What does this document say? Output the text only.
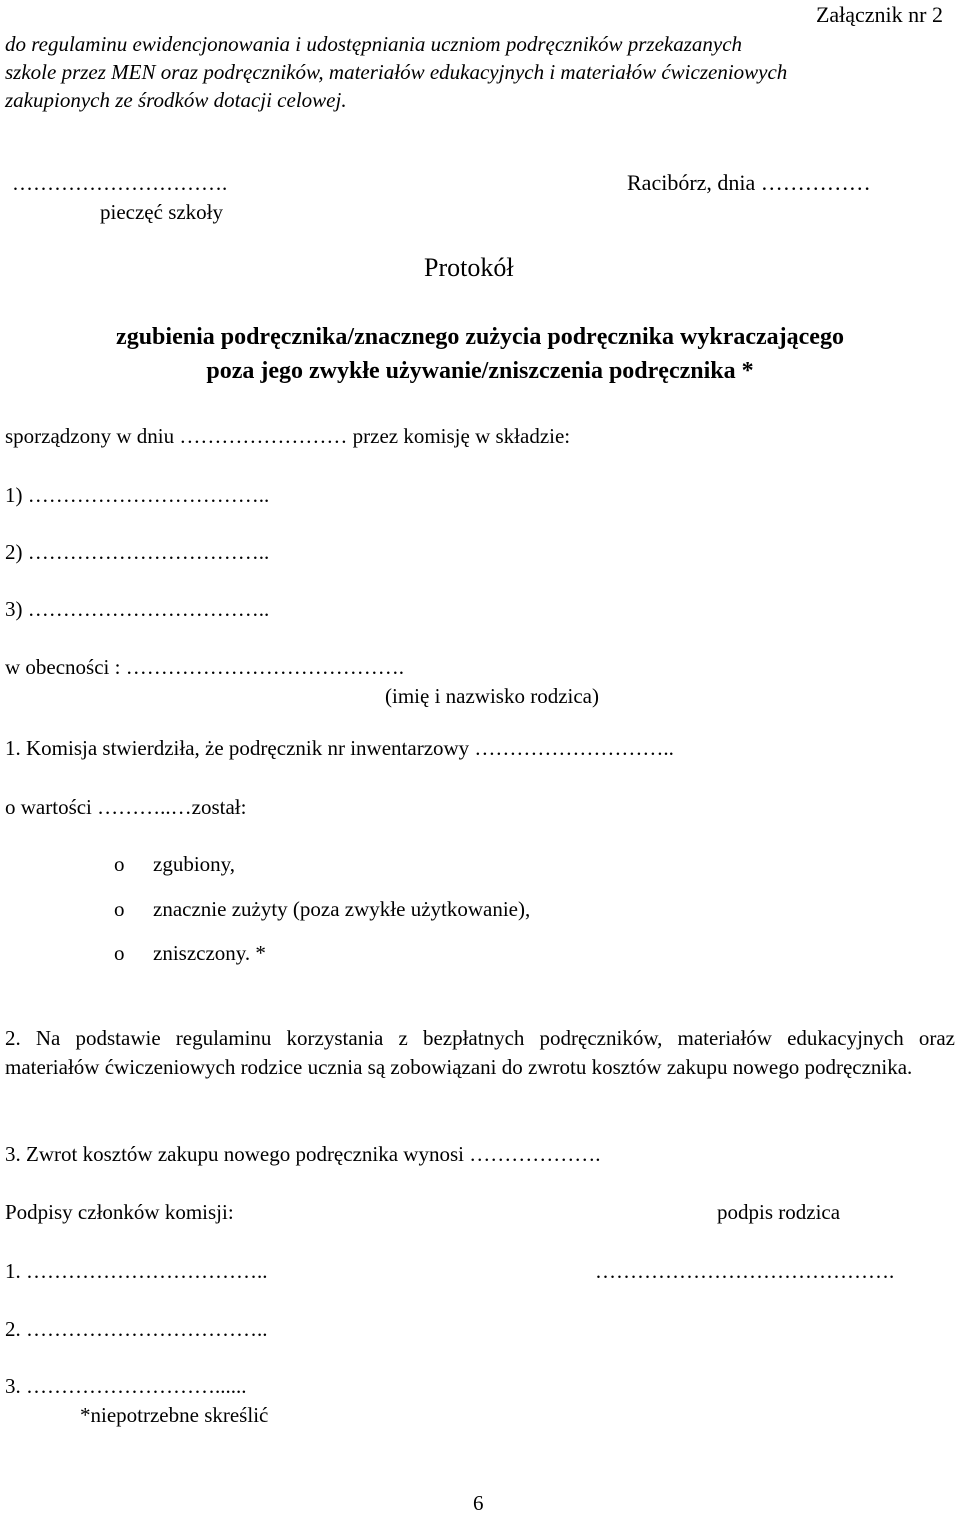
Załącznik nr 2
do regulaminu ewidencjonowania i udostępniania uczniom podręczników przekazanych
szkole przez MEN oraz podręczników, materiałów edukacyjnych i materiałów ćwiczeniowych
zakupionych ze środków dotacji celowej.
………………………….
pieczęć szkoły
Racibórz, dnia ……………
Protokół
zgubienia podręcznika/znacznego zużycia podręcznika wykraczającego
poza jego zwykłe używanie/zniszczenia podręcznika *
sporządzony w dniu …………………… przez komisję w składzie:
1) ……………………………..
2) ……………………………..
3) ……………………………..
w obecności : ………………………………….
(imię i nazwisko rodzica)
1. Komisja stwierdziła, że podręcznik nr inwentarzowy ………………………..
o wartości ………..…został:
o zgubiony,
o znacznie zużyty (poza zwykłe użytkowanie),
o zniszczony. *
2. Na podstawie regulaminu korzystania z bezpłatnych podręczników, materiałów edukacyjnych oraz materiałów ćwiczeniowych rodzice ucznia są zobowiązani do zwrotu kosztów zakupu nowego podręcznika.
3. Zwrot kosztów zakupu nowego podręcznika wynosi ……………….
Podpisy członków komisji:	podpis rodzica
1. ……………………………..	…………………………………….
2. ……………………………..
3. ………………………......
*niepotrzebne skreślić
6
